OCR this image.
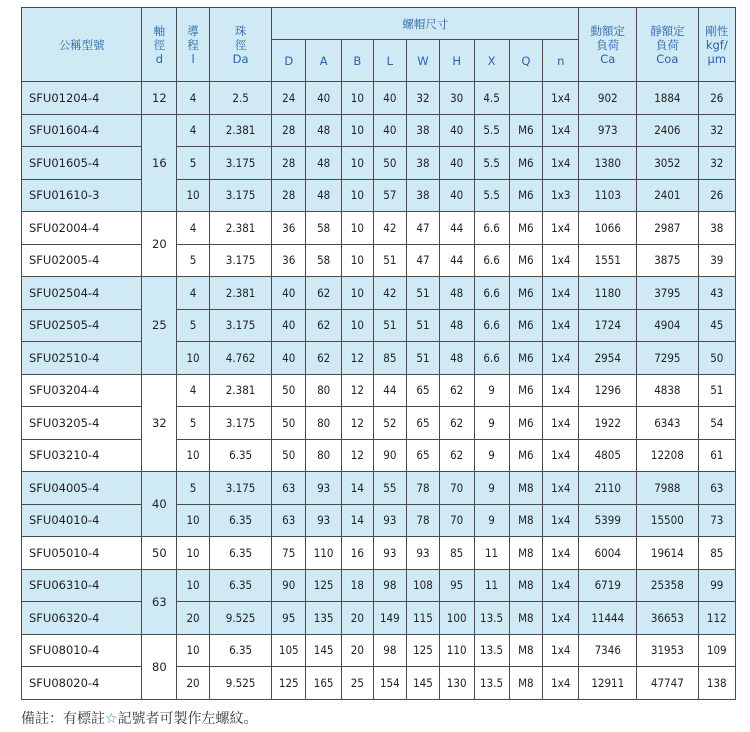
公稱型號	軸
徑
d	導
程
l	珠
徑
Da	螺帽尺寸									動額定
負荷
Ca	靜額定
負荷
Coa	剛性
kgf/
μm

				D	A	B	L	W	H	X	Q	n			
SFU01204-4	12	4	2.5	24	40	10	40	32	30	4.5		1x4	902	1884	26
SFU01604-4	16	4	2.381	28	48	10	40	38	40	5.5	M6	1x4	973	2406	32
SFU01605-4		5	3.175	28	48	10	50	38	40	5.5	M6	1x4	1380	3052	32
SFU01610-3		10	3.175	28	48	10	57	38	40	5.5	M6	1x3	1103	2401	26
SFU02004-4	20	4	2.381	36	58	10	42	47	44	6.6	M6	1x4	1066	2987	38
SFU02005-4		5	3.175	36	58	10	51	47	44	6.6	M6	1x4	1551	3875	39
SFU02504-4	25	4	2.381	40	62	10	42	51	48	6.6	M6	1x4	1180	3795	43
SFU02505-4		5	3.175	40	62	10	51	51	48	6.6	M6	1x4	1724	4904	45
SFU02510-4		10	4.762	40	62	12	85	51	48	6.6	M6	1x4	2954	7295	50
SFU03204-4	32	4	2.381	50	80	12	44	65	62	9	M6	1x4	1296	4838	51
SFU03205-4		5	3.175	50	80	12	52	65	62	9	M6	1x4	1922	6343	54
SFU03210-4		10	6.35	50	80	12	90	65	62	9	M6	1x4	4805	12208	61
SFU04005-4	40	5	3.175	63	93	14	55	78	70	9	M8	1x4	2110	7988	63
SFU04010-4		10	6.35	63	93	14	93	78	70	9	M8	1x4	5399	15500	73
SFU05010-4	50	10	6.35	75	110	16	93	93	85	11	M8	1x4	6004	19614	85
SFU06310-4	63	10	6.35	90	125	18	98	108	95	11	M8	1x4	6719	25358	99
SFU06320-4		20	9.525	95	135	20	149	115	100	13.5	M8	1x4	11444	36653	112
SFU08010-4	80	10	6.35	105	145	20	98	125	110	13.5	M8	1x4	7346	31953	109
SFU08020-4		20	9.525	125	165	25	154	145	130	13.5	M8	1x4	12911	47747	138
備註：有標註☆記號者可製作左螺紋。
